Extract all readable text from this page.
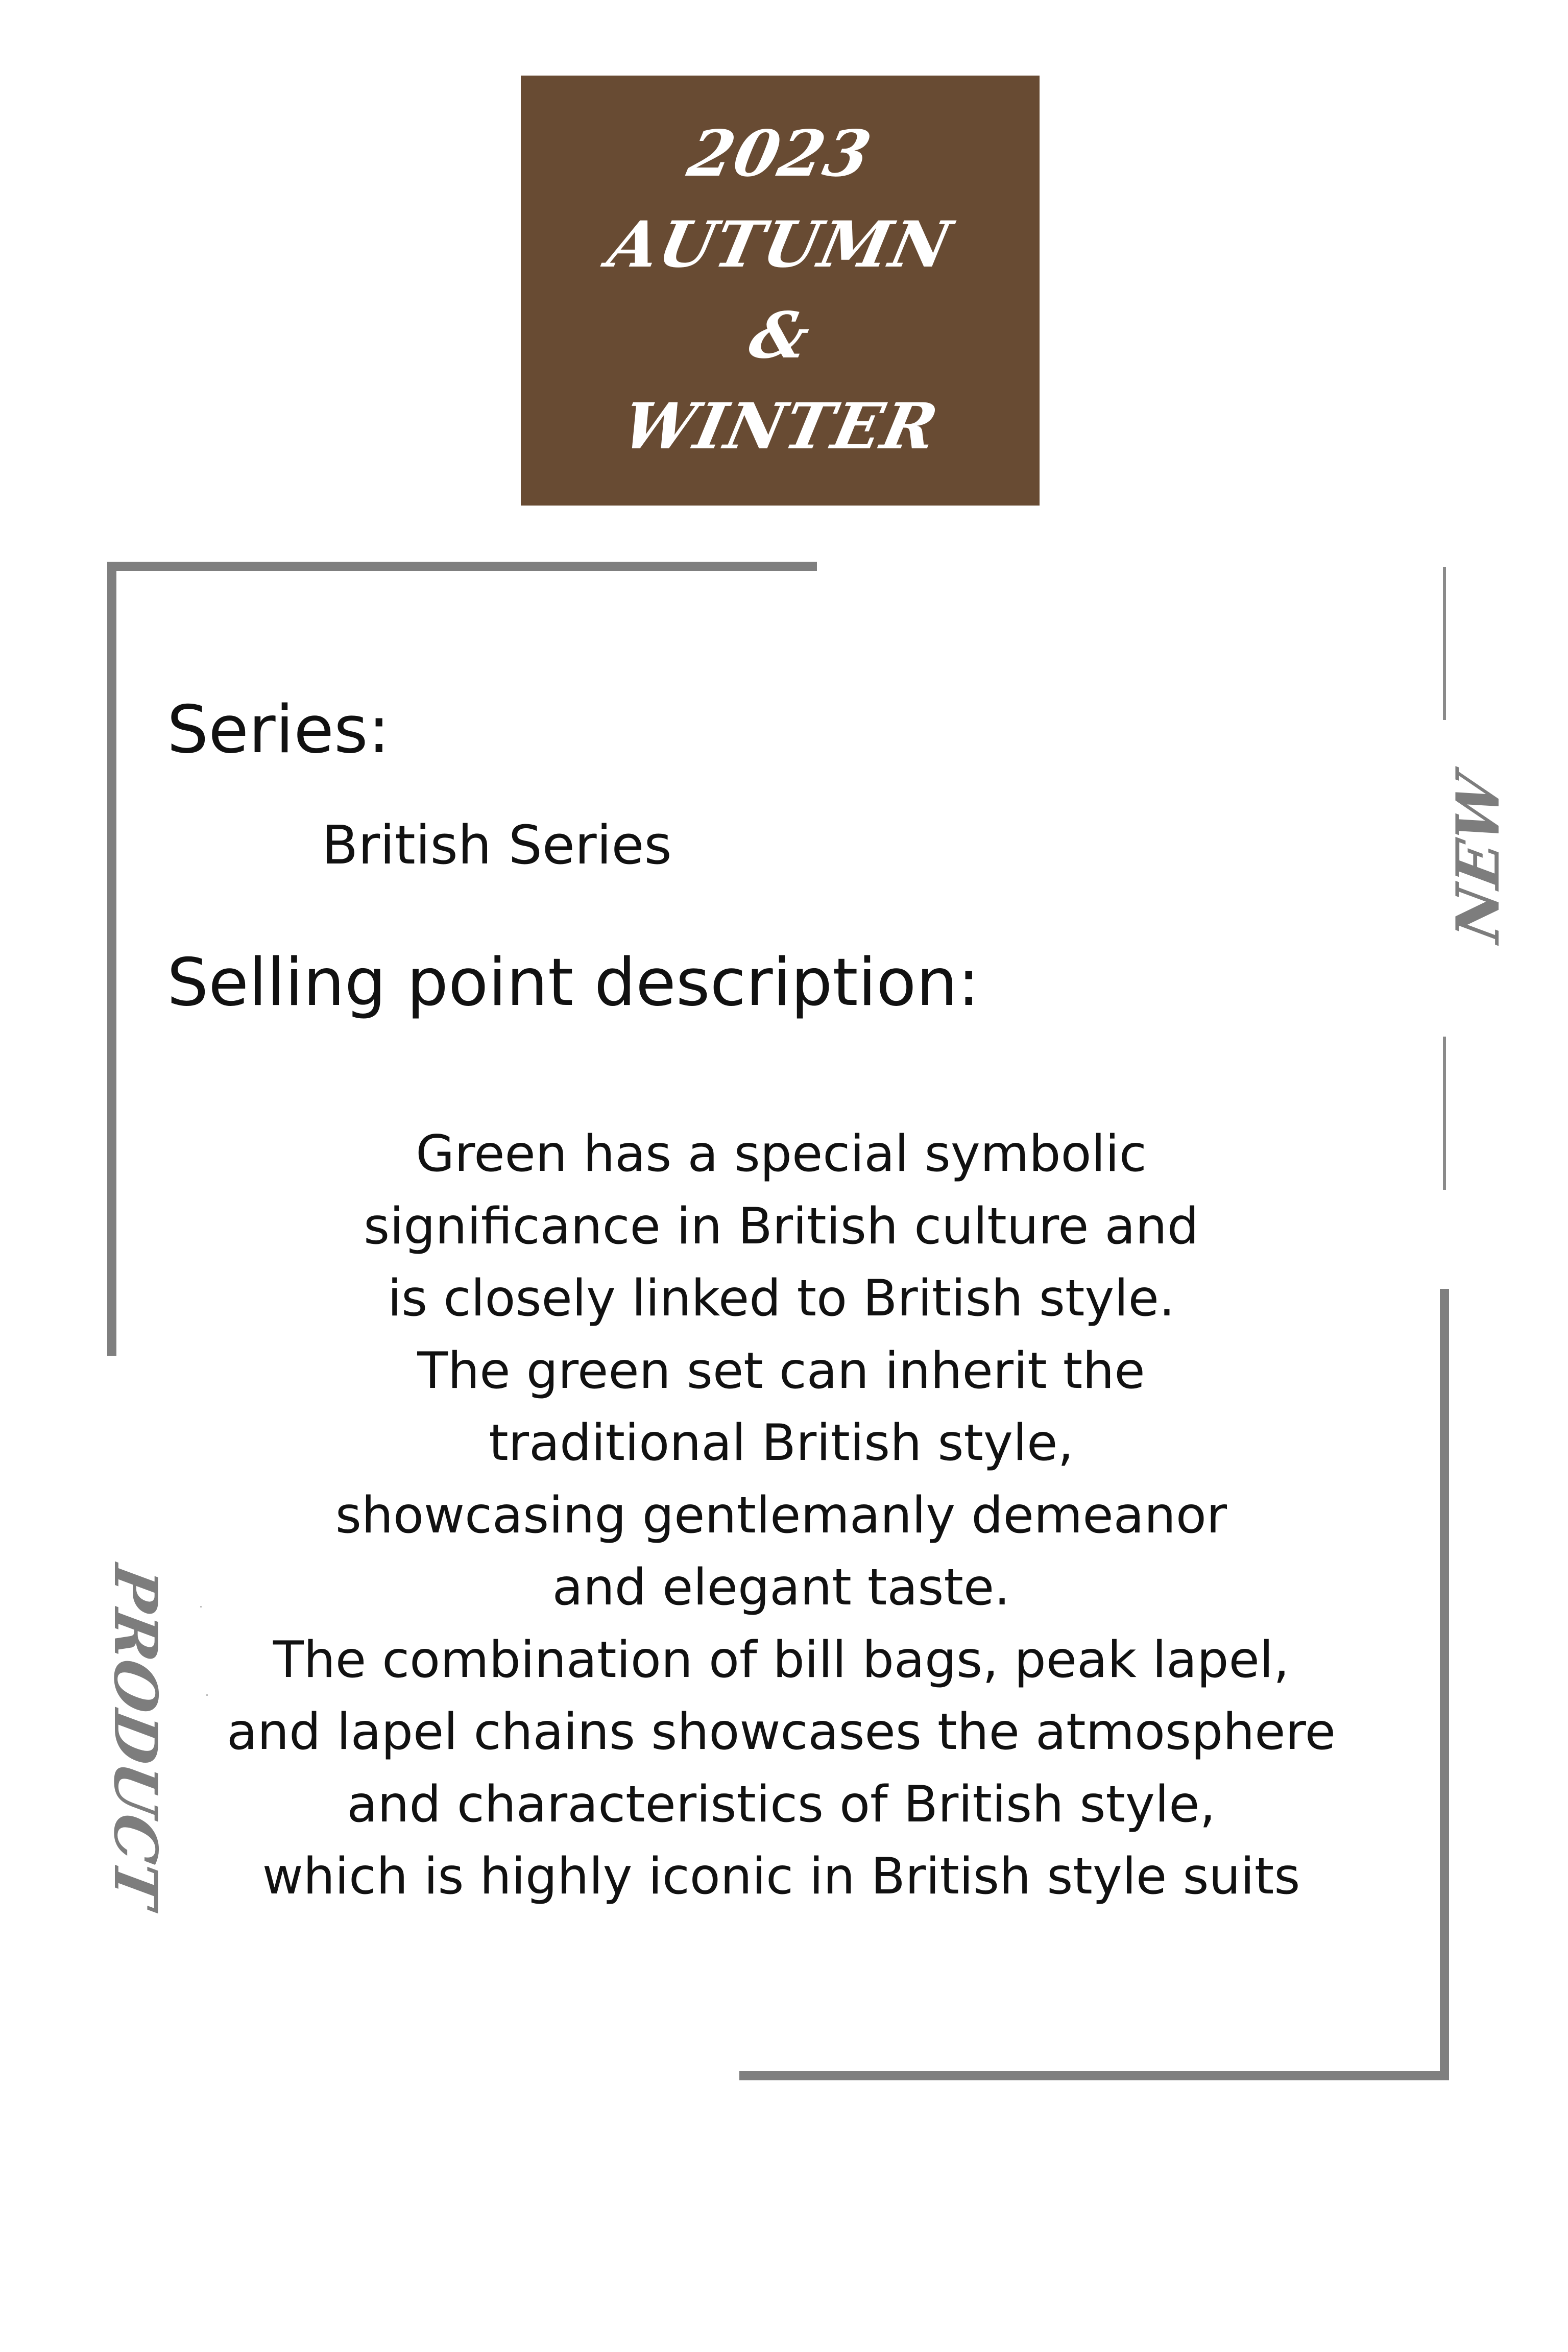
2023
AUTUMN
&
WINTER
NEW
PRODUCT
Series:
British Series
Selling point description:
Green has a special symbolic
significance in British culture and
is closely linked to British style.
The green set can inherit the
traditional British style,
showcasing gentlemanly demeanor
and elegant taste.
The combination of bill bags, peak lapel,
and lapel chains showcases the atmosphere
and characteristics of British style,
which is highly iconic in British style suits
